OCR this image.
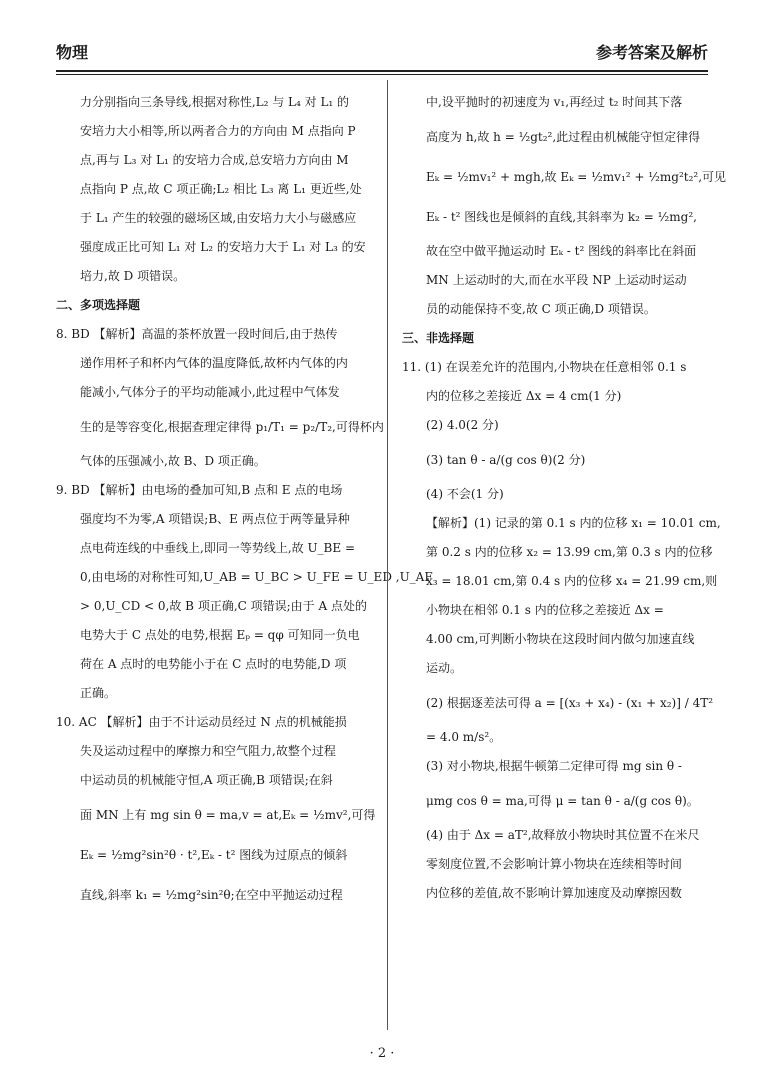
物理	参考答案及解析
力分别指向三条导线,根据对称性,L₂ 与 L₄ 对 L₁ 的
安培力大小相等,所以两者合力的方向由 M 点指向 P
点,再与 L₃ 对 L₁ 的安培力合成,总安培力方向由 M
点指向 P 点,故 C 项正确;L₂ 相比 L₃ 离 L₁ 更近些,处
于 L₁ 产生的较强的磁场区域,由安培力大小与磁感应
强度成正比可知 L₁ 对 L₂ 的安培力大于 L₁ 对 L₃ 的安
培力,故 D 项错误。
二、多项选择题
8. BD 【解析】高温的茶杯放置一段时间后,由于热传
递作用杯子和杯内气体的温度降低,故杯内气体的内
能减小,气体分子的平均动能减小,此过程中气体发
生的是等容变化,根据查理定律得 p₁/T₁ = p₂/T₂,可得杯内
气体的压强减小,故 B、D 项正确。
9. BD 【解析】由电场的叠加可知,B 点和 E 点的电场
强度均不为零,A 项错误;B、E 两点位于两等量异种
点电荷连线的中垂线上,即同一等势线上,故 U_BE =
0,由电场的对称性可知,U_AB = U_BC > U_FE = U_ED ,U_AF
> 0,U_CD < 0,故 B 项正确,C 项错误;由于 A 点处的
电势大于 C 点处的电势,根据 Eₚ = qφ 可知同一负电
荷在 A 点时的电势能小于在 C 点时的电势能,D 项
正确。
10. AC 【解析】由于不计运动员经过 N 点的机械能损
失及运动过程中的摩擦力和空气阻力,故整个过程
中运动员的机械能守恒,A 项正确,B 项错误;在斜
面 MN 上有 mg sin θ = ma,v = at,Eₖ = ½mv²,可得
Eₖ = ½mg²sin²θ · t²,Eₖ - t² 图线为过原点的倾斜
直线,斜率 k₁ = ½mg²sin²θ;在空中平抛运动过程
中,设平抛时的初速度为 v₁,再经过 t₂ 时间其下落
高度为 h,故 h = ½gt₂²,此过程由机械能守恒定律得
Eₖ = ½mv₁² + mgh,故 Eₖ = ½mv₁² + ½mg²t₂²,可见
Eₖ - t² 图线也是倾斜的直线,其斜率为 k₂ = ½mg²,
故在空中做平抛运动时 Eₖ - t² 图线的斜率比在斜面
MN 上运动时的大,而在水平段 NP 上运动时运动
员的动能保持不变,故 C 项正确,D 项错误。
三、非选择题
11. (1) 在误差允许的范围内,小物块在任意相邻 0.1 s
内的位移之差接近 Δx = 4 cm(1 分)
(2) 4.0(2 分)
(3) tan θ - a/(g cos θ)(2 分)
(4) 不会(1 分)
【解析】(1) 记录的第 0.1 s 内的位移 x₁ = 10.01 cm,
第 0.2 s 内的位移 x₂ = 13.99 cm,第 0.3 s 内的位移
x₃ = 18.01 cm,第 0.4 s 内的位移 x₄ = 21.99 cm,则
小物块在相邻 0.1 s 内的位移之差接近 Δx =
4.00 cm,可判断小物块在这段时间内做匀加速直线
运动。
(2) 根据逐差法可得 a = [(x₃ + x₄) - (x₁ + x₂)] / 4T²
= 4.0 m/s²。
(3) 对小物块,根据牛顿第二定律可得 mg sin θ -
μmg cos θ = ma,可得 μ = tan θ - a/(g cos θ)。
(4) 由于 Δx = aT²,故释放小物块时其位置不在米尺
零刻度位置,不会影响计算小物块在连续相等时间
内位移的差值,故不影响计算加速度及动摩擦因数
· 2 ·
